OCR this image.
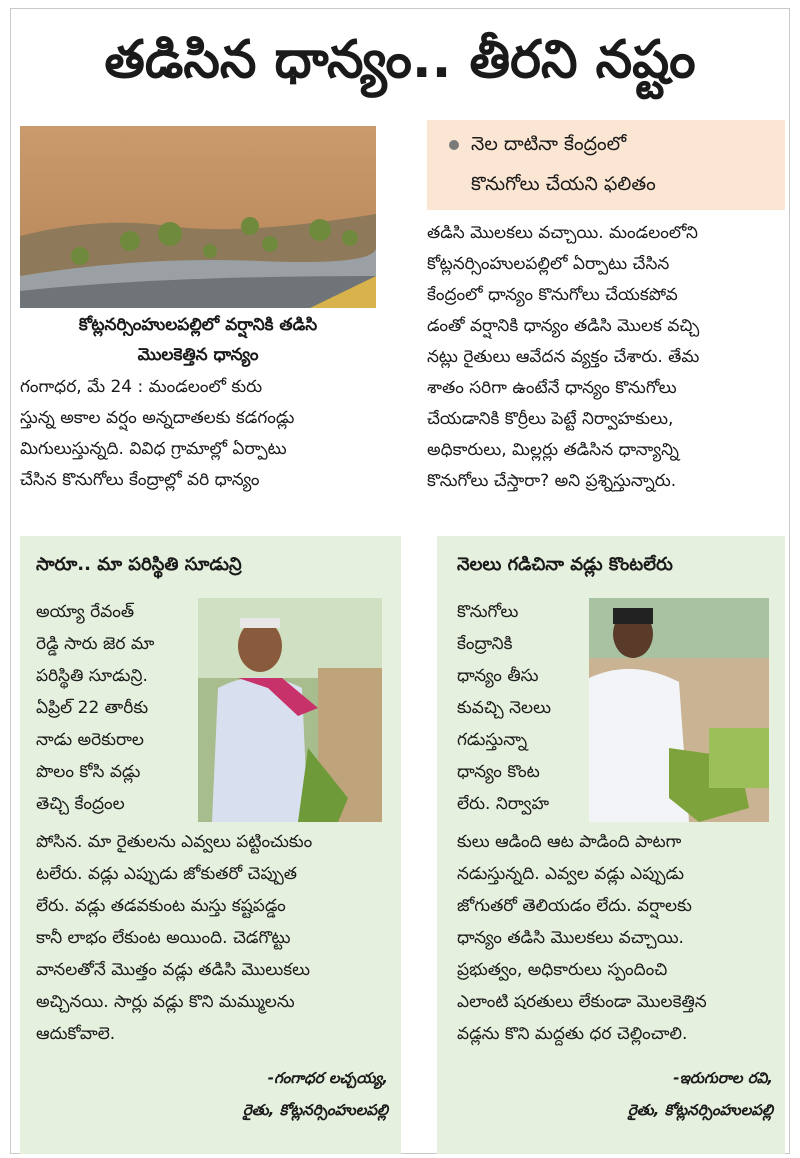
తడిసిన ధాన్యం.. తీరని నష్టం
కోట్లనర్సింహులపల్లిలో వర్షానికి తడిసి
మొలకెత్తిన ధాన్యం

గంగాధర, మే 24 : మండలంలో కురు

స్తున్న అకాల వర్షం అన్నదాతలకు కడగండ్లు

మిగులుస్తున్నది. వివిధ గ్రామాల్లో ఏర్పాటు

చేసిన కొనుగోలు కేంద్రాల్లో వరి ధాన్యం

నెల దాటినా కేంద్రంలో
కొనుగోలు చేయని ఫలితం

తడిసి మొలకలు వచ్చాయి. మండలంలోని

కోట్లనర్సింహులపల్లిలో ఏర్పాటు చేసిన

కేంద్రంలో ధాన్యం కొనుగోలు చేయకపోవ

డంతో వర్షానికి ధాన్యం తడిసి మొలక వచ్చి

నట్లు రైతులు ఆవేదన వ్యక్తం చేశారు. తేమ

శాతం సరిగా ఉంటేనే ధాన్యం కొనుగోలు

చేయడానికి కొర్రీలు పెట్టే నిర్వాహకులు,

అధికారులు, మిల్లర్లు తడిసిన ధాన్యాన్ని

కొనుగోలు చేస్తారా? అని ప్రశ్నిస్తున్నారు.

సారూ.. మా పరిస్థితి సూడున్రి
అయ్యా రేవంత్
రెడ్డి సారు జెర మా
పరిస్థితి సూడున్రి.
ఏప్రిల్ 22 తారీకు
నాడు అరెకురాల
పొలం కోసి వడ్లు
తెచ్చి కేంద్రంల
పోసిన. మా రైతులను ఎవ్వలు పట్టించుకుం
టలేరు. వడ్లు ఎప్పుడు జోకుతరో చెప్పుత
లేరు. వడ్లు తడవకుంట మస్తు కష్టపడ్డం
కానీ లాభం లేకుంట అయింది. చెడగొట్టు
వానలతోనే మొత్తం వడ్లు తడిసి మొలుకలు
అచ్చినయి. సార్లు వడ్లు కొని మమ్ములను
ఆదుకోవాలె.
-గంగాధర లచ్చయ్య,
రైతు, కోట్లనర్సింహులపల్లి
నెలలు గడిచినా వడ్లు కొంటలేరు
కొనుగోలు
కేంద్రానికి
ధాన్యం తీసు
కువచ్చి నెలలు
గడుస్తున్నా
ధాన్యం కొంట
లేరు. నిర్వాహ
కులు ఆడింది ఆట పాడింది పాటగా
నడుస్తున్నది. ఎవ్వల వడ్లు ఎప్పుడు
జోగుతరో తెలియడం లేదు. వర్షాలకు
ధాన్యం తడిసి మొలకలు వచ్చాయి.
ప్రభుత్వం, అధికారులు స్పందించి
ఎలాంటి షరతులు లేకుండా మొలకెత్తిన
వడ్లను కొని మద్దతు ధర చెల్లించాలి.
-ఇరుగురాల రవి,
రైతు, కోట్లనర్సింహులపల్లి
